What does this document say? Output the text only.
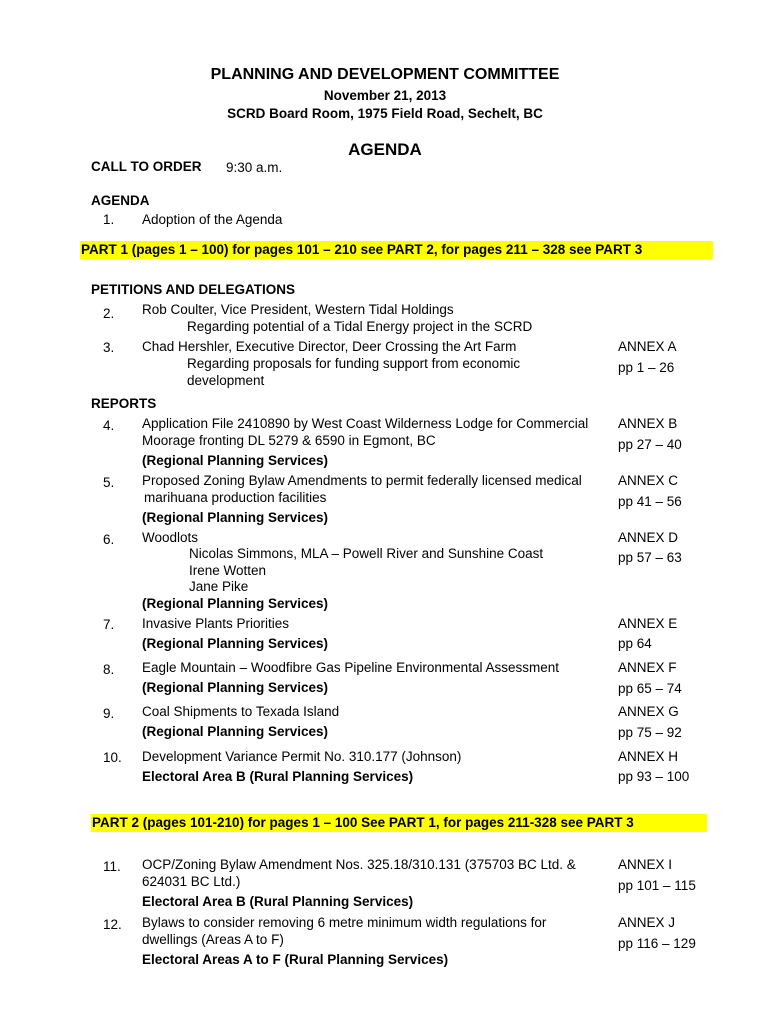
PLANNING AND DEVELOPMENT COMMITTEE
November 21, 2013
SCRD Board Room, 1975 Field Road, Sechelt, BC
AGENDA
CALL TO ORDER 9:30 a.m.
AGENDA
1. Adoption of the Agenda
PART 1 (pages 1 – 100) for pages 101 – 210 see PART 2, for pages 211 – 328 see PART 3
PETITIONS AND DELEGATIONS
2. Rob Coulter, Vice President, Western Tidal Holdings
Regarding potential of a Tidal Energy project in the SCRD
3. Chad Hershler, Executive Director, Deer Crossing the Art Farm
Regarding proposals for funding support from economic
development
ANNEX A
pp 1 – 26
REPORTS
4. Application File 2410890 by West Coast Wilderness Lodge for Commercial
Moorage fronting DL 5279 & 6590 in Egmont, BC
(Regional Planning Services)
ANNEX B
pp 27 – 40
5. Proposed Zoning Bylaw Amendments to permit federally licensed medical
marihuana production facilities
(Regional Planning Services)
ANNEX C
pp 41 – 56
6. Woodlots
Nicolas Simmons, MLA – Powell River and Sunshine Coast
Irene Wotten
Jane Pike
(Regional Planning Services)
ANNEX D
pp 57 – 63
7. Invasive Plants Priorities
(Regional Planning Services)
ANNEX E
pp 64
8. Eagle Mountain – Woodfibre Gas Pipeline Environmental Assessment
(Regional Planning Services)
ANNEX F
pp 65 – 74
9. Coal Shipments to Texada Island
(Regional Planning Services)
ANNEX G
pp 75 – 92
10. Development Variance Permit No. 310.177 (Johnson)
Electoral Area B (Rural Planning Services)
ANNEX H
pp 93 – 100
PART 2 (pages 101-210) for pages 1 – 100 See PART 1, for pages 211-328 see PART 3
11. OCP/Zoning Bylaw Amendment Nos. 325.18/310.131 (375703 BC Ltd. &
624031 BC Ltd.)
Electoral Area B (Rural Planning Services)
ANNEX I
pp 101 – 115
12. Bylaws to consider removing 6 metre minimum width regulations for
dwellings (Areas A to F)
Electoral Areas A to F (Rural Planning Services)
ANNEX J
pp 116 – 129
